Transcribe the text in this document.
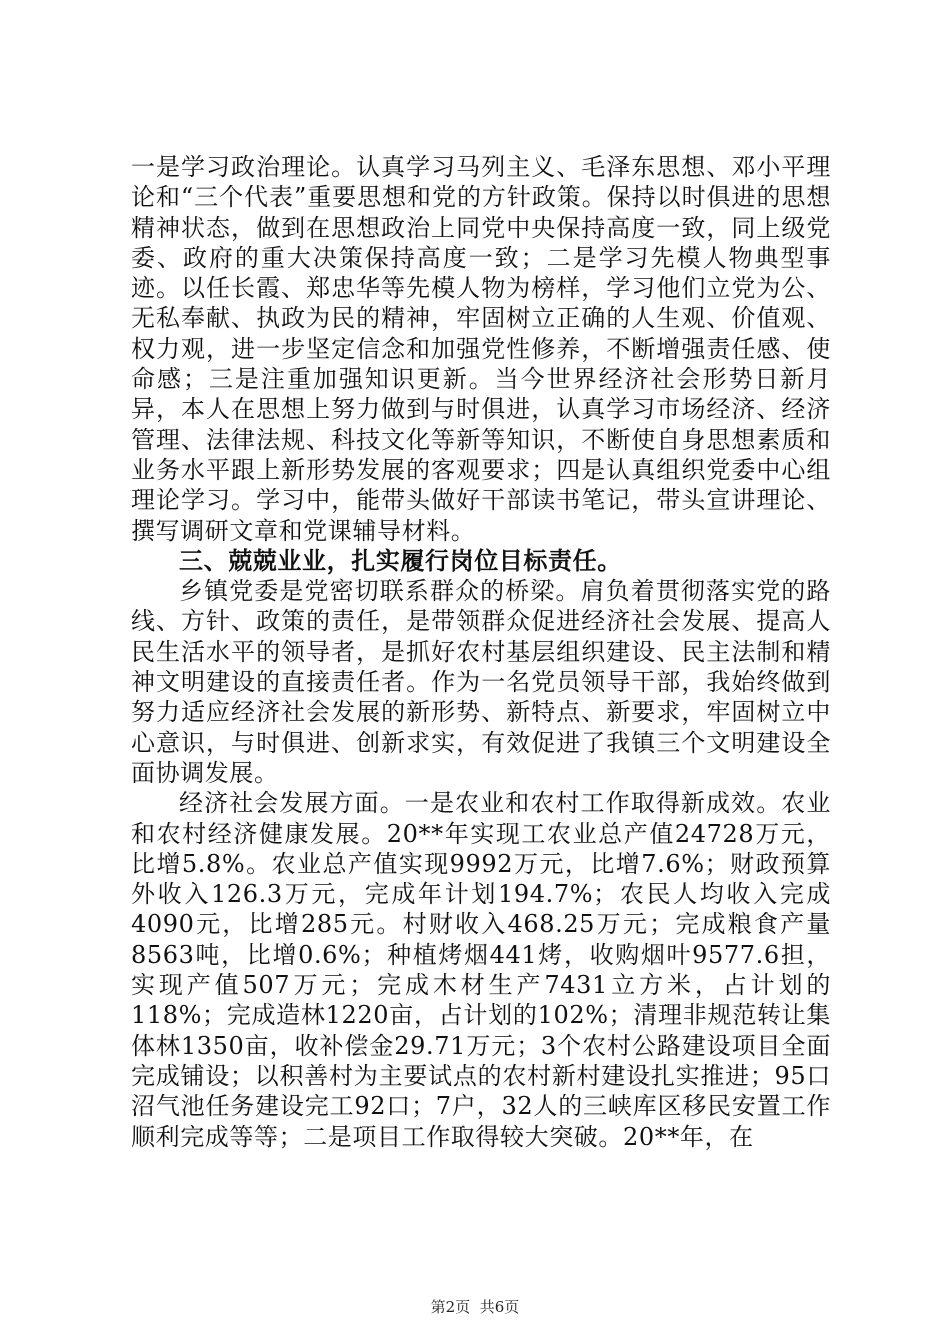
一是学习政治理论。认真学习马列主义、毛泽东思想、邓小平理论和“三个代表”重要思想和党的方针政策。保持以时俱进的思想精神状态，做到在思想政治上同党中央保持高度一致，同上级党委、政府的重大决策保持高度一致；二是学习先模人物典型事迹。以任长霞、郑忠华等先模人物为榜样，学习他们立党为公、无私奉献、执政为民的精神，牢固树立正确的人生观、价值观、权力观，进一步坚定信念和加强党性修养，不断增强责任感、使命感；三是注重加强知识更新。当今世界经济社会形势日新月异，本人在思想上努力做到与时俱进，认真学习市场经济、经济管理、法律法规、科技文化等新等知识，不断使自身思想素质和业务水平跟上新形势发展的客观要求；四是认真组织党委中心组理论学习。学习中，能带头做好干部读书笔记，带头宣讲理论、撰写调研文章和党课辅导材料。

三、兢兢业业，扎实履行岗位目标责任。

乡镇党委是党密切联系群众的桥梁。肩负着贯彻落实党的路线、方针、政策的责任，是带领群众促进经济社会发展、提高人民生活水平的领导者，是抓好农村基层组织建设、民主法制和精神文明建设的直接责任者。作为一名党员领导干部，我始终做到努力适应经济社会发展的新形势、新特点、新要求，牢固树立中心意识，与时俱进、创新求实，有效促进了我镇三个文明建设全面协调发展。

经济社会发展方面。一是农业和农村工作取得新成效。农业和农村经济健康发展。20**年实现工农业总产值24728万元，比增5.8%。农业总产值实现9992万元，比增7.6%；财政预算外收入126.3万元，完成年计划194.7%；农民人均收入完成4090元，比增285元。村财收入468.25万元；完成粮食产量8563吨，比增0.6%；种植烤烟441烤，收购烟叶9577.6担，实现产值507万元；完成木材生产7431立方米，占计划的118%；完成造林1220亩，占计划的102%；清理非规范转让集体林1350亩，收补偿金29.71万元；3个农村公路建设项目全面完成铺设；以积善村为主要试点的农村新村建设扎实推进；95口沼气池任务建设完工92口；7户，32人的三峡库区移民安置工作顺利完成等等；二是项目工作取得较大突破。20**年，在

第2页 共6页
